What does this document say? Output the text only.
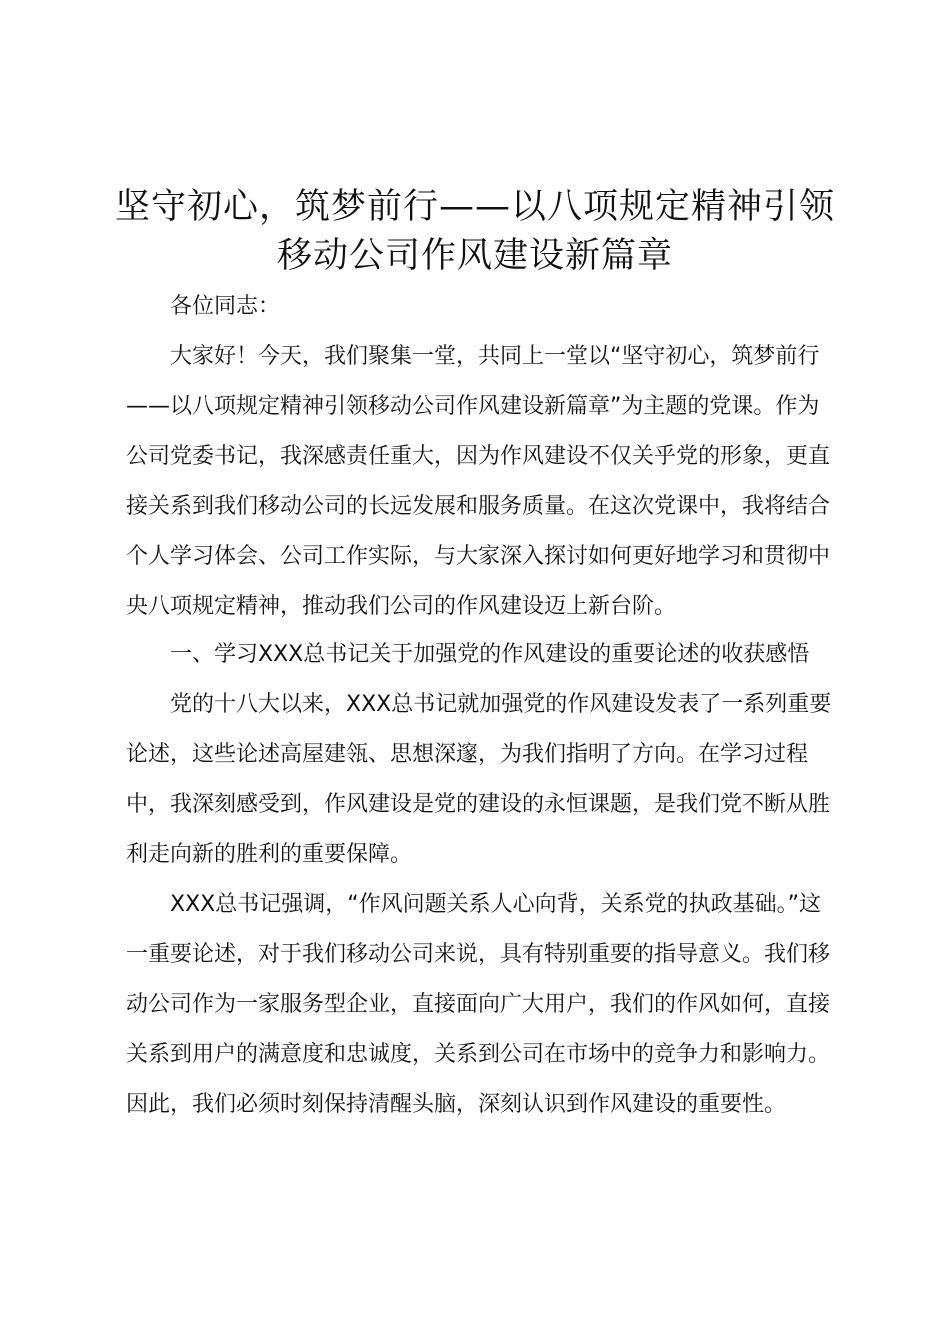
坚守初心，筑梦前行——以八项规定精神引领
移动公司作风建设新篇章
各位同志：
大家好！今天，我们聚集一堂，共同上一堂以“坚守初心，筑梦前行——以八项规定精神引领移动公司作风建设新篇章”为主题的党课。作为公司党委书记，我深感责任重大，因为作风建设不仅关乎党的形象，更直接关系到我们移动公司的长远发展和服务质量。在这次党课中，我将结合个人学习体会、公司工作实际，与大家深入探讨如何更好地学习和贯彻中央八项规定精神，推动我们公司的作风建设迈上新台阶。
一、学习XXX总书记关于加强党的作风建设的重要论述的收获感悟
党的十八大以来，XXX总书记就加强党的作风建设发表了一系列重要论述，这些论述高屋建瓴、思想深邃，为我们指明了方向。在学习过程中，我深刻感受到，作风建设是党的建设的永恒课题，是我们党不断从胜利走向新的胜利的重要保障。
XXX总书记强调，“作风问题关系人心向背，关系党的执政基础。”这一重要论述，对于我们移动公司来说，具有特别重要的指导意义。我们移动公司作为一家服务型企业，直接面向广大用户，我们的作风如何，直接关系到用户的满意度和忠诚度，关系到公司在市场中的竞争力和影响力。因此，我们必须时刻保持清醒头脑，深刻认识到作风建设的重要性。
